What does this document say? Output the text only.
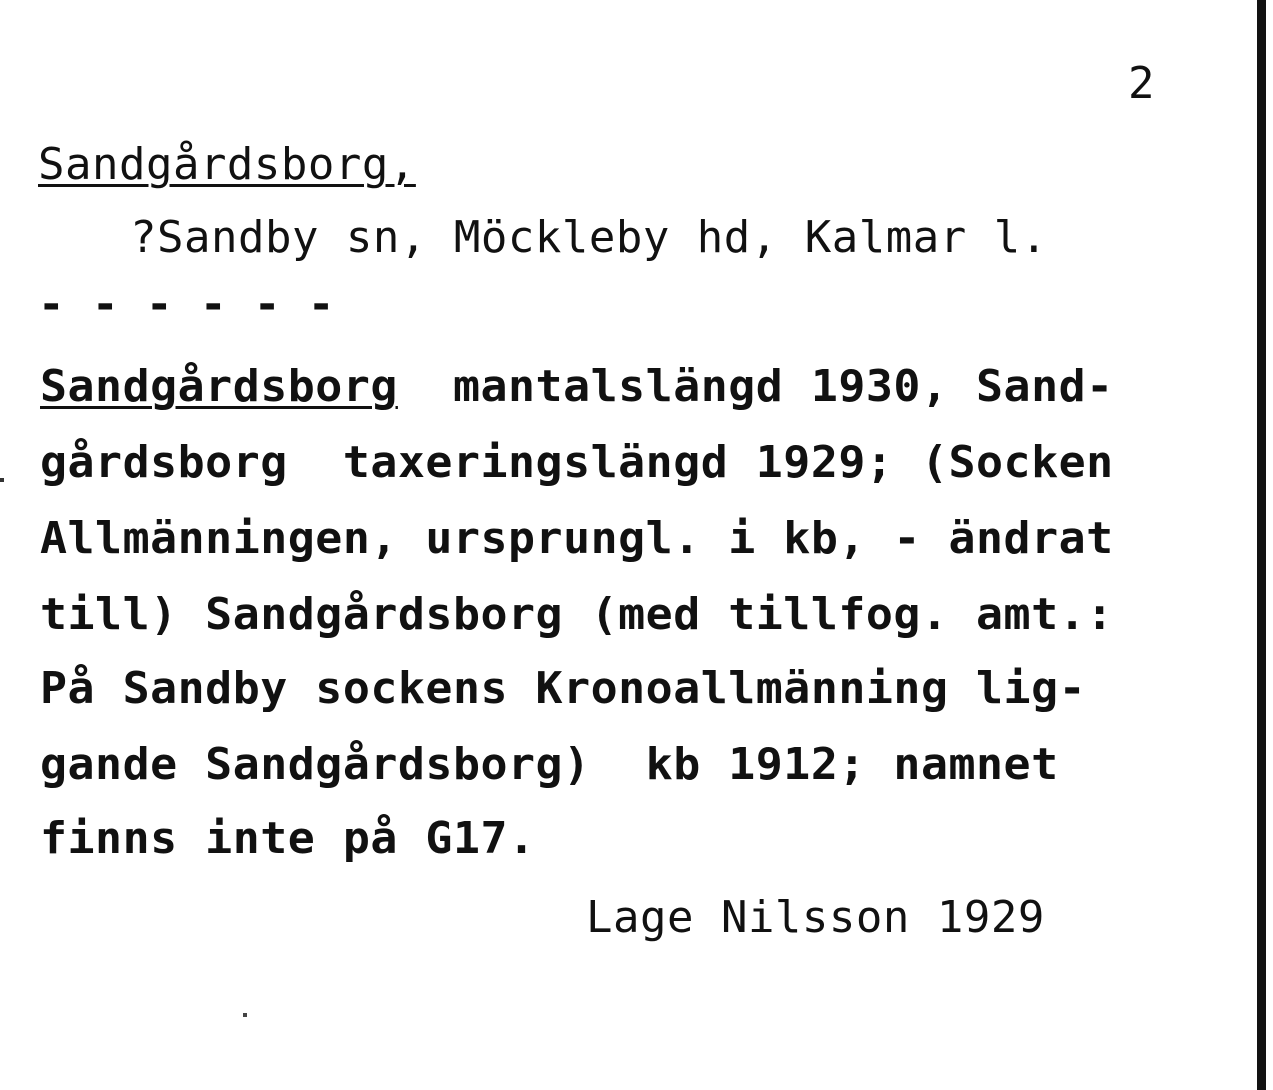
2
Sandgårdsborg,
?Sandby sn, Möckleby hd, Kalmar l.
- - - - - -
Sandgårdsborg  mantalslängd 1930, Sand-
gårdsborg  taxeringslängd 1929; (Socken
Allmänningen, ursprungl. i kb, - ändrat
till) Sandgårdsborg (med tillfog. amt.:
På Sandby sockens Kronoallmänning lig-
gande Sandgårdsborg)  kb 1912; namnet
finns inte på G17.
Lage Nilsson 1929
